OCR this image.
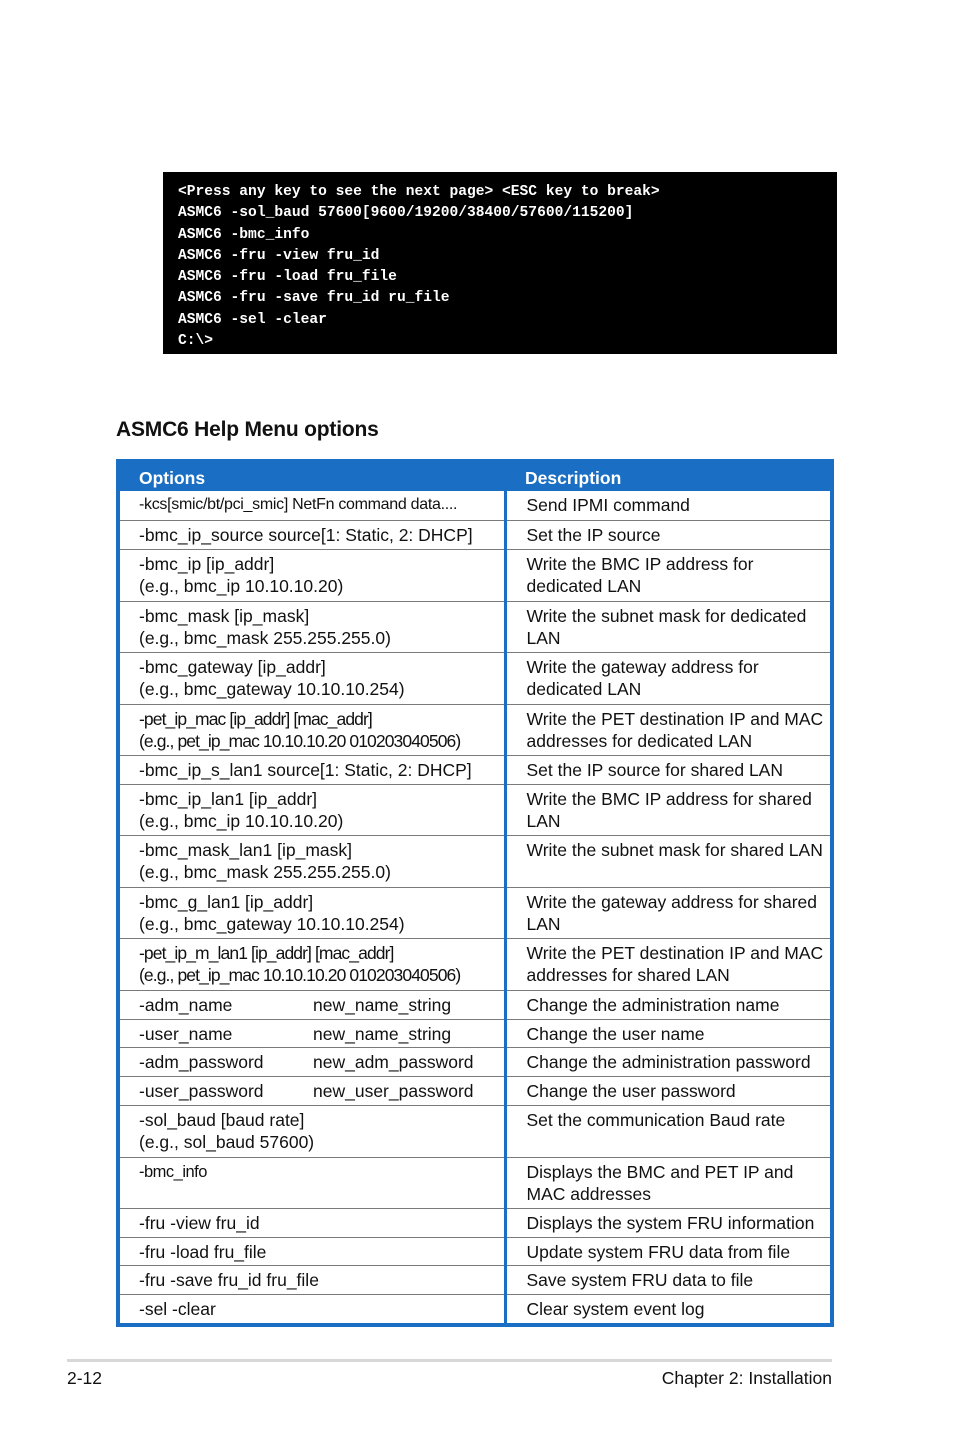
<Press any key to see the next page> <ESC key to break>
ASMC6 -sol_baud 57600[9600/19200/38400/57600/115200]
ASMC6 -bmc_info
ASMC6 -fru -view fru_id
ASMC6 -fru -load fru_file
ASMC6 -fru -save fru_id ru_file
ASMC6 -sel -clear
C:\>
ASMC6 Help Menu options
Options	Description

-kcs[smic/bt/pci_smic] NetFn command data....	Send IPMI command

-bmc_ip_source source[1: Static, 2: DHCP]	Set the IP source

-bmc_ip [ip_addr]
(e.g., bmc_ip 10.10.10.20)	Write the BMC IP address for
dedicated LAN

-bmc_mask [ip_mask]
(e.g., bmc_mask 255.255.255.0)	Write the subnet mask for dedicated
LAN

-bmc_gateway [ip_addr]
(e.g., bmc_gateway 10.10.10.254)	Write the gateway address for
dedicated LAN

-pet_ip_mac [ip_addr] [mac_addr]
(e.g., pet_ip_mac 10.10.10.20 010203040506)	Write the PET destination IP and MAC
addresses for dedicated LAN

-bmc_ip_s_lan1 source[1: Static, 2: DHCP]	Set the IP source for shared LAN

-bmc_ip_lan1 [ip_addr]
(e.g., bmc_ip 10.10.10.20)	Write the BMC IP address for shared
LAN

-bmc_mask_lan1 [ip_mask]
(e.g., bmc_mask 255.255.255.0)	Write the subnet mask for shared LAN

-bmc_g_lan1 [ip_addr]
(e.g., bmc_gateway 10.10.10.254)	Write the gateway address for shared
LAN

-pet_ip_m_lan1 [ip_addr] [mac_addr]
(e.g., pet_ip_mac 10.10.10.20 010203040506)	Write the PET destination IP and MAC
addresses for shared LAN

-adm_name new_name_string	Change the administration name

-user_name new_name_string	Change the user name

-adm_password new_adm_password	Change the administration password

-user_password new_user_password	Change the user password

-sol_baud [baud rate]
(e.g., sol_baud 57600)	Set the communication Baud rate

-bmc_info	Displays the BMC and PET IP and
MAC addresses

-fru -view fru_id	Displays the system FRU information

-fru -load fru_file	Update system FRU data from file

-fru -save fru_id fru_file	Save system FRU data to file

-sel -clear	Clear system event log
2-12	Chapter 2: Installation
